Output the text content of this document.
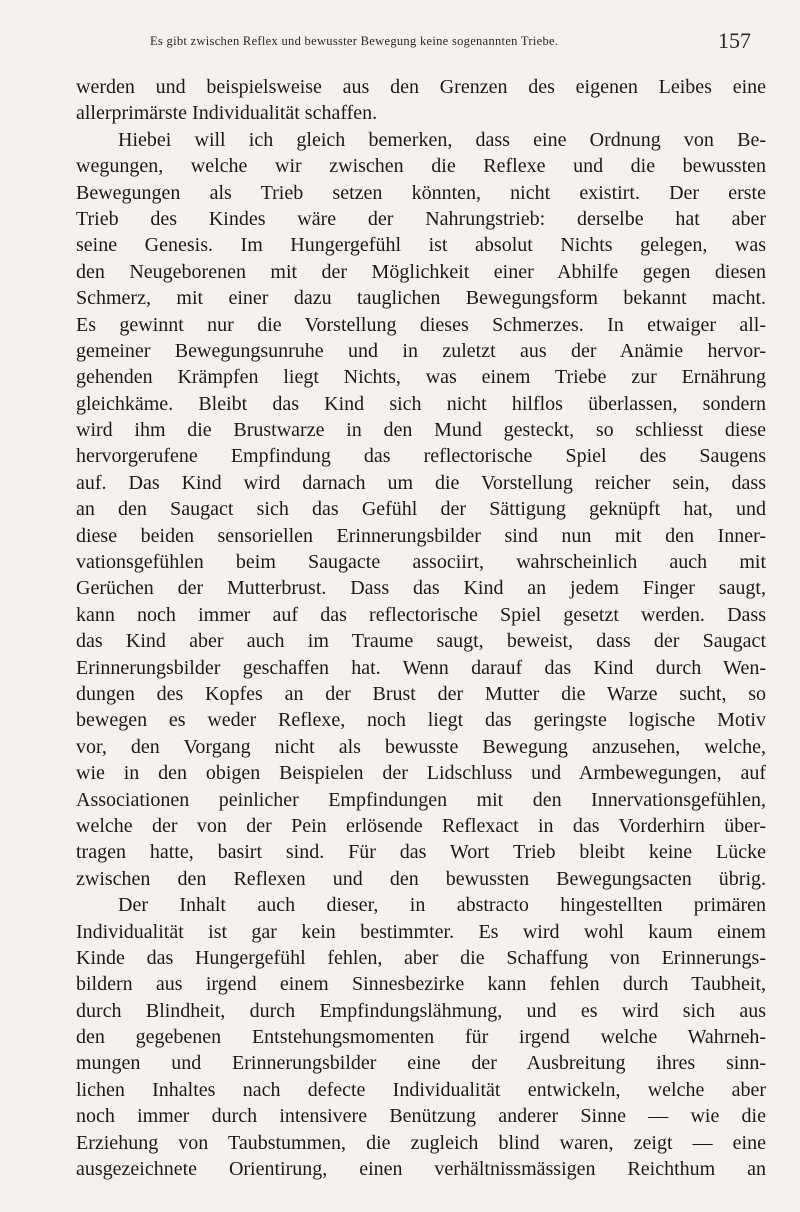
Es gibt zwischen Reflex und bewusster Bewegung keine sogenannten Triebe.	157
werden und beispielsweise aus den Grenzen des eigenen Leibes eine
allerprimärste Individualität schaffen.
Hiebei will ich gleich bemerken, dass eine Ordnung von Be-
wegungen, welche wir zwischen die Reflexe und die bewussten
Bewegungen als Trieb setzen könnten, nicht existirt. Der erste
Trieb des Kindes wäre der Nahrungstrieb: derselbe hat aber
seine Genesis. Im Hungergefühl ist absolut Nichts gelegen, was
den Neugeborenen mit der Möglichkeit einer Abhilfe gegen diesen
Schmerz, mit einer dazu tauglichen Bewegungsform bekannt macht.
Es gewinnt nur die Vorstellung dieses Schmerzes. In etwaiger all-
gemeiner Bewegungsunruhe und in zuletzt aus der Anämie hervor-
gehenden Krämpfen liegt Nichts, was einem Triebe zur Ernährung
gleichkäme. Bleibt das Kind sich nicht hilflos überlassen, sondern
wird ihm die Brustwarze in den Mund gesteckt, so schliesst diese
hervorgerufene Empfindung das reflectorische Spiel des Saugens
auf. Das Kind wird darnach um die Vorstellung reicher sein, dass
an den Saugact sich das Gefühl der Sättigung geknüpft hat, und
diese beiden sensoriellen Erinnerungsbilder sind nun mit den Inner-
vationsgefühlen beim Saugacte associirt, wahrscheinlich auch mit
Gerüchen der Mutterbrust. Dass das Kind an jedem Finger saugt,
kann noch immer auf das reflectorische Spiel gesetzt werden. Dass
das Kind aber auch im Traume saugt, beweist, dass der Saugact
Erinnerungsbilder geschaffen hat. Wenn darauf das Kind durch Wen-
dungen des Kopfes an der Brust der Mutter die Warze sucht, so
bewegen es weder Reflexe, noch liegt das geringste logische Motiv
vor, den Vorgang nicht als bewusste Bewegung anzusehen, welche,
wie in den obigen Beispielen der Lidschluss und Armbewegungen, auf
Associationen peinlicher Empfindungen mit den Innervationsgefühlen,
welche der von der Pein erlösende Reflexact in das Vorderhirn über-
tragen hatte, basirt sind. Für das Wort Trieb bleibt keine Lücke
zwischen den Reflexen und den bewussten Bewegungsacten übrig.
Der Inhalt auch dieser, in abstracto hingestellten primären
Individualität ist gar kein bestimmter. Es wird wohl kaum einem
Kinde das Hungergefühl fehlen, aber die Schaffung von Erinnerungs-
bildern aus irgend einem Sinnesbezirke kann fehlen durch Taubheit,
durch Blindheit, durch Empfindungslähmung, und es wird sich aus
den gegebenen Entstehungsmomenten für irgend welche Wahrneh-
mungen und Erinnerungsbilder eine der Ausbreitung ihres sinn-
lichen Inhaltes nach defecte Individualität entwickeln, welche aber
noch immer durch intensivere Benützung anderer Sinne — wie die
Erziehung von Taubstummen, die zugleich blind waren, zeigt — eine
ausgezeichnete Orientirung, einen verhältnissmässigen Reichthum an
